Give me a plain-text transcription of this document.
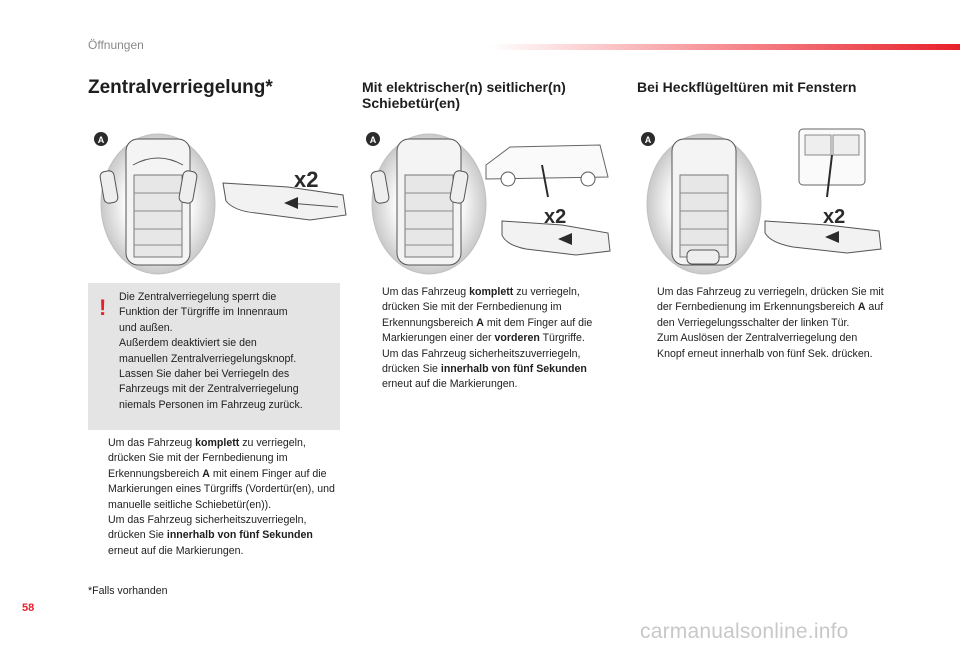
Öffnungen
Zentralverriegelung*	Mit elektrischer(n) seitlicher(n) Schiebetür(en)
Bei Heckflügeltüren mit Fenstern
A
x2
A
x2
A
x2
! Die Zentralverriegelung sperrt die
Funktion der Türgriffe im Innenraum
und außen.
Außerdem deaktiviert sie den
manuellen Zentralverriegelungsknopf.
Lassen Sie daher bei Verriegeln des
Fahrzeugs mit der Zentralverriegelung
niemals Personen im Fahrzeug zurück.
Um das Fahrzeug komplett zu verriegeln, drücken Sie mit der Fernbedienung im Erkennungsbereich A mit einem Finger auf die Markierungen eines Türgriffs (Vordertür(en), und manuelle seitliche Schiebetür(en)).
Um das Fahrzeug sicherheitszuverriegeln, drücken Sie innerhalb von fünf Sekunden erneut auf die Markierungen.
Um das Fahrzeug komplett zu verriegeln, drücken Sie mit der Fernbedienung im Erkennungsbereich A mit dem Finger auf die Markierungen einer der vorderen Türgriffe.
Um das Fahrzeug sicherheitszuverriegeln, drücken Sie innerhalb von fünf Sekunden erneut auf die Markierungen.
Um das Fahrzeug zu verriegeln, drücken Sie mit der Fernbedienung im Erkennungsbereich A auf den Verriegelungsschalter der linken Tür.
Zum Auslösen der Zentralverriegelung den Knopf erneut innerhalb von fünf Sek. drücken.
*Falls vorhanden
58
carmanualsonline.info
